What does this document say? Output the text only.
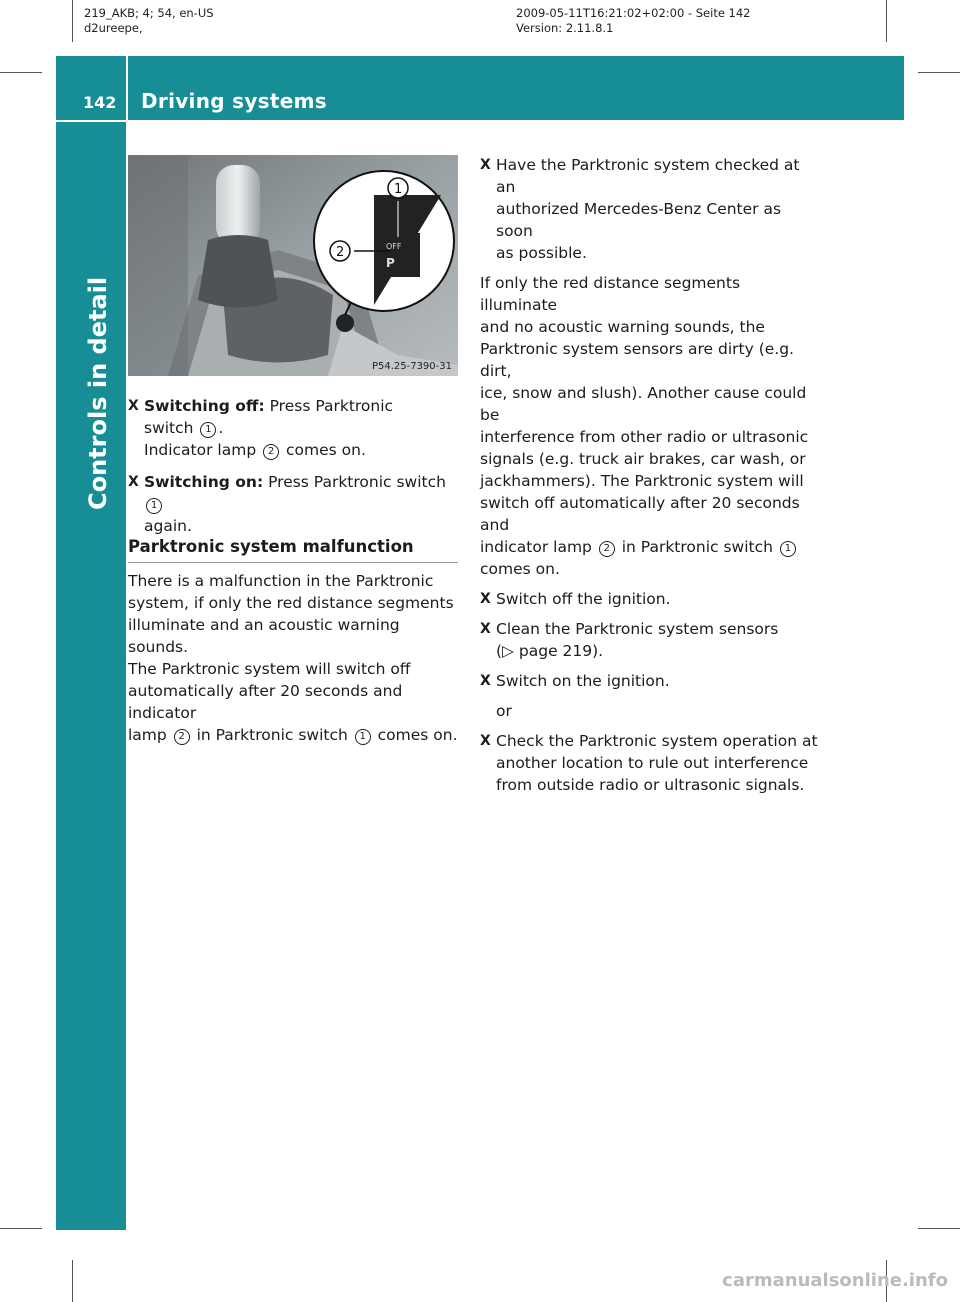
219_AKB; 4; 54, en-US
d2ureepe,
2009-05-11T16:21:02+02:00 - Seite 142
Version: 2.11.8.1
142 Driving systems
Controls in detail
OFF
P
1
2
P54.25-7390-31
X Switching off: Press Parktronic
switch 1 .
Indicator lamp 2 comes on.
X Switching on: Press Parktronic switch 1
again.
Parktronic system malfunction

There is a malfunction in the Parktronic

system, if only the red distance segments

illuminate and an acoustic warning sounds.

The Parktronic system will switch off

automatically after 20 seconds and indicator

lamp 2 in Parktronic switch 1 comes on.

X Have the Parktronic system checked at an
authorized Mercedes-Benz Center as soon
as possible.

If only the red distance segments illuminate

and no acoustic warning sounds, the

Parktronic system sensors are dirty (e.g. dirt,

ice, snow and slush). Another cause could be

interference from other radio or ultrasonic

signals (e.g. truck air brakes, car wash, or

jackhammers). The Parktronic system will

switch off automatically after 20 seconds and

indicator lamp 2 in Parktronic switch 1

comes on.

X Switch off the ignition.
X Clean the Parktronic system sensors
(▷ page 219).
X Switch on the ignition.
or
X Check the Parktronic system operation at
another location to rule out interference
from outside radio or ultrasonic signals.
carmanualsonline.info
